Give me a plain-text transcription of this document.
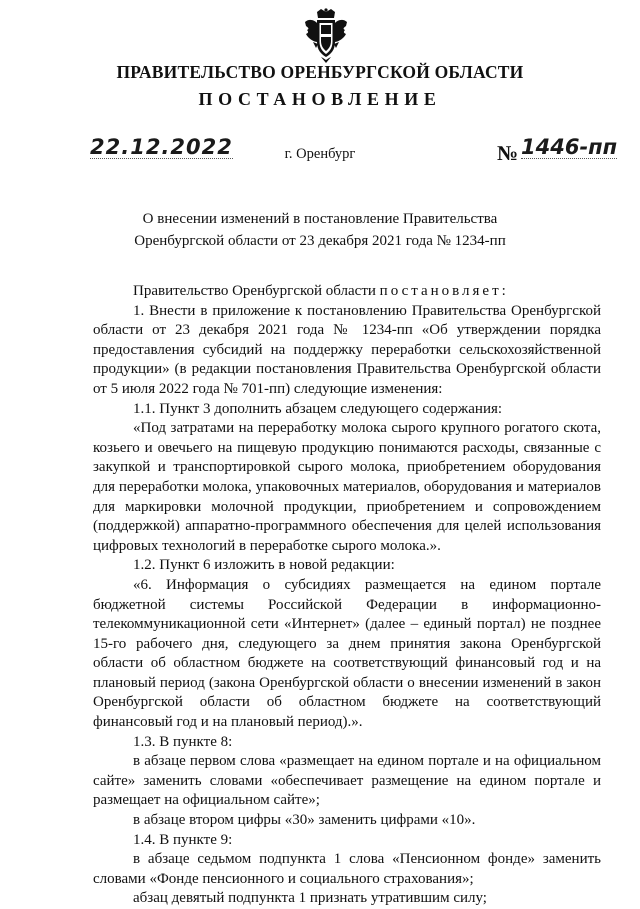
ПРАВИТЕЛЬСТВО ОРЕНБУРГСКОЙ ОБЛАСТИ
ПОСТАНОВЛЕНИЕ
22.12.2022	г. Оренбург	№ 1446-пп
О внесении изменений в постановление Правительства
Оренбургской области от 23 декабря 2021 года № 1234-пп

Правительство Оренбургской области постановляет:

1. Внести в приложение к постановлению Правительства Оренбургской области от 23 декабря 2021 года № 1234-пп «Об утверждении порядка предоставления субсидий на поддержку переработки сельскохозяйственной продукции» (в редакции постановления Правительства Оренбургской области от 5 июля 2022 года № 701-пп) следующие изменения:

1.1. Пункт 3 дополнить абзацем следующего содержания:

«Под затратами на переработку молока сырого крупного рогатого скота, козьего и овечьего на пищевую продукцию понимаются расходы, связанные с закупкой и транспортировкой сырого молока, приобретением оборудования для переработки молока, упаковочных материалов, оборудования и материалов для маркировки молочной продукции, приобретением и сопровождением (поддержкой) аппаратно-программного обеспечения для целей использования цифровых технологий в переработке сырого молока.».

1.2. Пункт 6 изложить в новой редакции:

«6. Информация о субсидиях размещается на едином портале бюджетной системы Российской Федерации в информационно-телекоммуникационной сети «Интернет» (далее – единый портал) не позднее 15-го рабочего дня, следующего за днем принятия закона Оренбургской области об областном бюджете на соответствующий финансовый год и на плановый период (закона Оренбургской области о внесении изменений в закон Оренбургской области об областном бюджете на соответствующий финансовый год и на плановый период).».

1.3. В пункте 8:

в абзаце первом слова «размещает на едином портале и на официальном сайте» заменить словами «обеспечивает размещение на едином портале и размещает на официальном сайте»;

в абзаце втором цифры «30» заменить цифрами «10».

1.4. В пункте 9:

в абзаце седьмом подпункта 1 слова «Пенсионном фонде» заменить словами «Фонде пенсионного и социального страхования»;

абзац девятый подпункта 1 признать утратившим силу;
